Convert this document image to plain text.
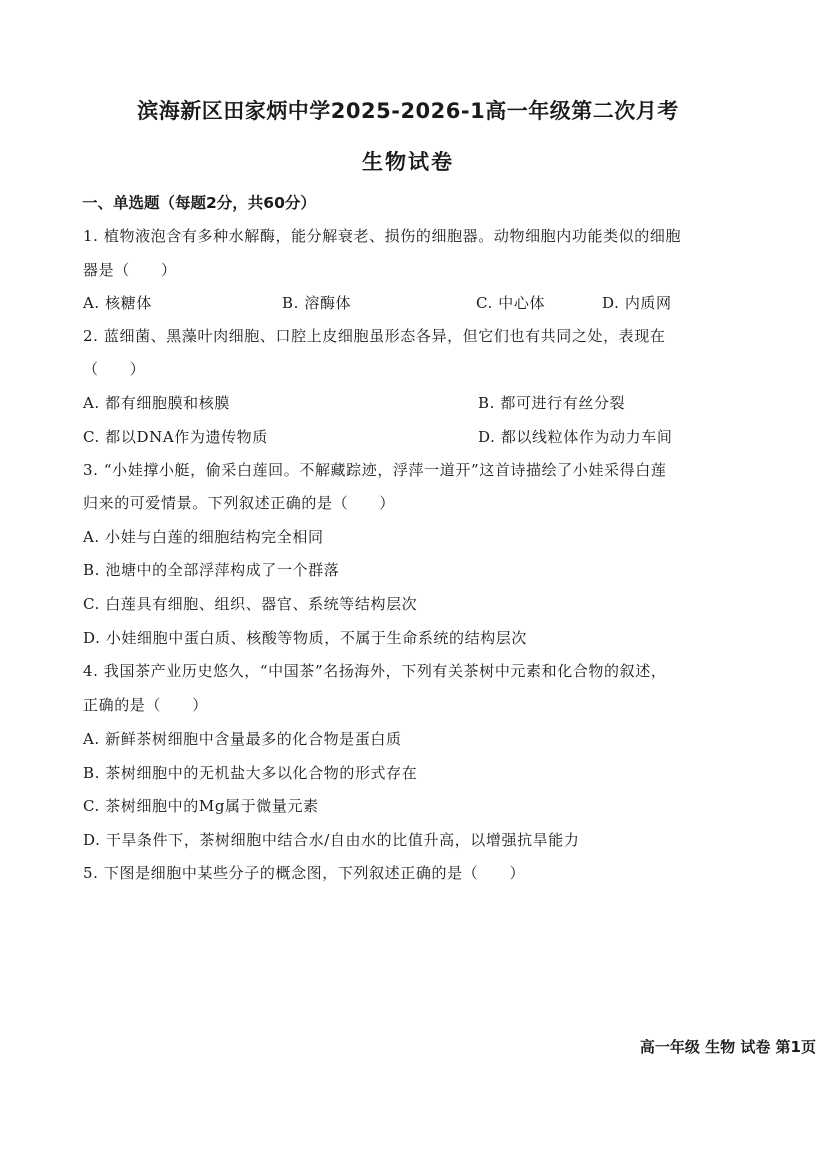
滨海新区田家炳中学2025-2026-1高一年级第二次月考
生物试卷
一、单选题（每题2分，共60分）
1. 植物液泡含有多种水解酶，能分解衰老、损伤的细胞器。动物细胞内功能类似的细胞
器是（　　）
A. 核糖体	B. 溶酶体	C. 中心体	D. 内质网
2. 蓝细菌、黑藻叶肉细胞、口腔上皮细胞虽形态各异，但它们也有共同之处，表现在
（　　）
A. 都有细胞膜和核膜	B. 都可进行有丝分裂
C. 都以DNA作为遗传物质	D. 都以线粒体作为动力车间
3. “小娃撑小艇，偷采白莲回。不解藏踪迹，浮萍一道开”这首诗描绘了小娃采得白莲
归来的可爱情景。下列叙述正确的是（　　）
A. 小娃与白莲的细胞结构完全相同
B. 池塘中的全部浮萍构成了一个群落
C. 白莲具有细胞、组织、器官、系统等结构层次
D. 小娃细胞中蛋白质、核酸等物质，不属于生命系统的结构层次
4. 我国茶产业历史悠久，“中国茶”名扬海外，下列有关茶树中元素和化合物的叙述，
正确的是（　　）
A. 新鲜茶树细胞中含量最多的化合物是蛋白质
B. 茶树细胞中的无机盐大多以化合物的形式存在
C. 茶树细胞中的Mg属于微量元素
D. 干旱条件下，茶树细胞中结合水/自由水的比值升高，以增强抗旱能力
5. 下图是细胞中某些分子的概念图，下列叙述正确的是（　　）
高一年级 生物 试卷 第1页
